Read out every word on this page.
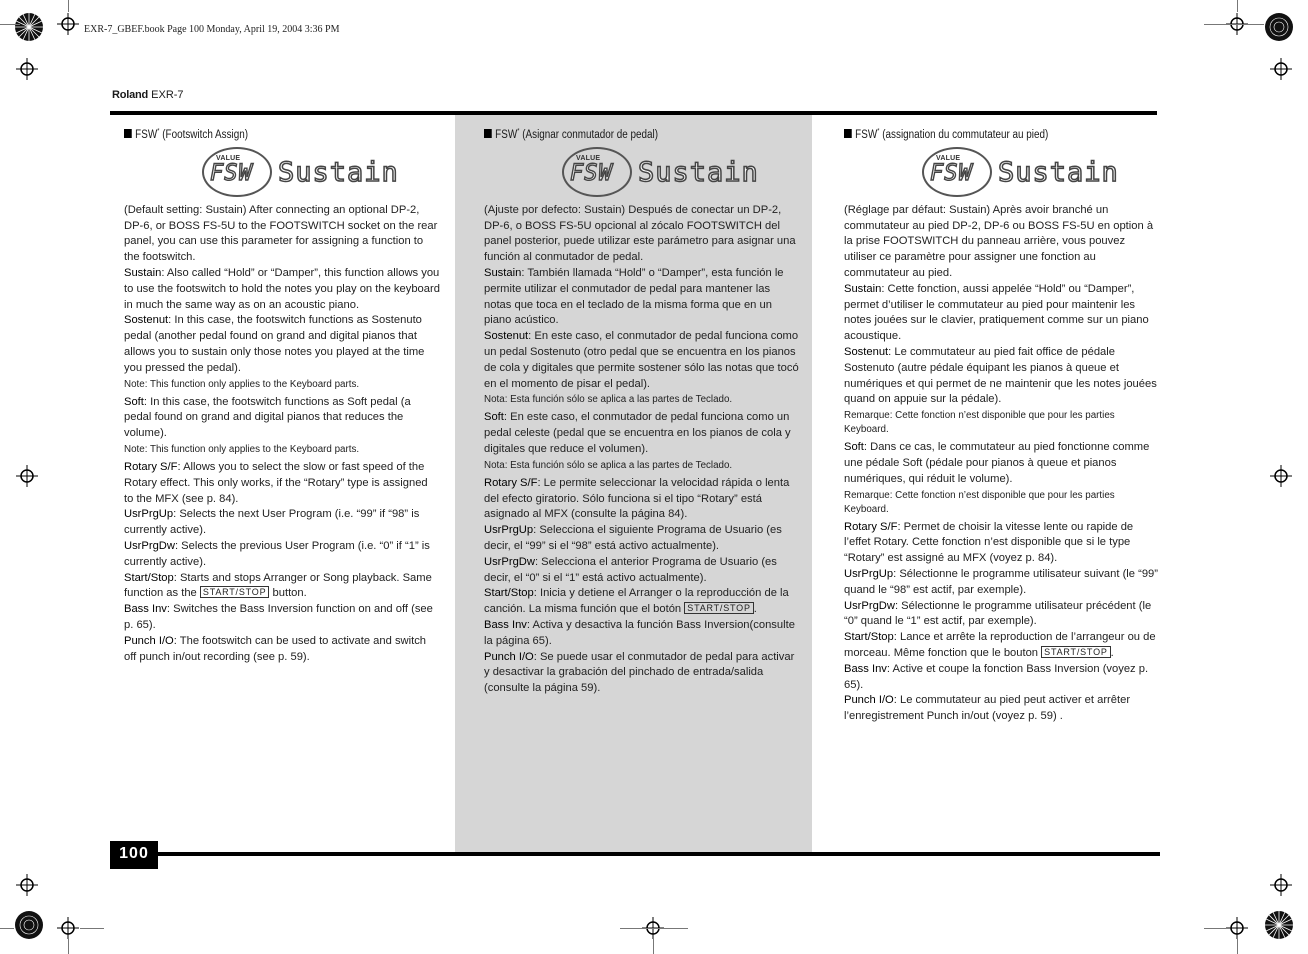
EXR-7_GBEF.book Page 100 Monday, April 19, 2004 3:36 PM
Roland EXR-7
FSW* (Footswitch Assign)
VALUE
FSW Sustain

(Default setting: Sustain) After connecting an optional DP-2, DP-6, or BOSS FS-5U to the FOOTSWITCH socket on the rear panel, you can use this parameter for assigning a function to the footswitch.

Sustain: Also called “Hold” or “Damper”, this function allows you to use the footswitch to hold the notes you play on the keyboard in much the same way as on an acoustic piano.

Sostenut: In this case, the footswitch functions as Sostenuto pedal (another pedal found on grand and digital pianos that allows you to sustain only those notes you played at the time you pressed the pedal).

Note: This function only applies to the Keyboard parts.

Soft: In this case, the footswitch functions as Soft pedal (a pedal found on grand and digital pianos that reduces the volume).

Note: This function only applies to the Keyboard parts.

Rotary S/F: Allows you to select the slow or fast speed of the Rotary effect. This only works, if the “Rotary” type is assigned to the MFX (see p. 84).

UsrPrgUp: Selects the next User Program (i.e. “99” if “98” is currently active).

UsrPrgDw: Selects the previous User Program (i.e. “0” if “1” is currently active).

Start/Stop: Starts and stops Arranger or Song playback. Same function as the START/STOP button.

Bass Inv: Switches the Bass Inversion function on and off (see p. 65).

Punch I/O: The footswitch can be used to activate and switch off punch in/out recording (see p. 59).

FSW* (Asignar conmutador de pedal)
VALUE
FSW Sustain

(Ajuste por defecto: Sustain) Después de conectar un DP-2, DP-6, o BOSS FS-5U opcional al zócalo FOOTSWITCH del panel posterior, puede utilizar este parámetro para asignar una función al conmutador de pedal.

Sustain: También llamada “Hold” o “Damper”, esta función le permite utilizar el conmutador de pedal para mantener las notas que toca en el teclado de la misma forma que en un piano acústico.

Sostenut: En este caso, el conmutador de pedal funciona como un pedal Sostenuto (otro pedal que se encuentra en los pianos de cola y digitales que permite sostener sólo las notas que tocó en el momento de pisar el pedal).

Nota: Esta función sólo se aplica a las partes de Teclado.

Soft: En este caso, el conmutador de pedal funciona como un pedal celeste (pedal que se encuentra en los pianos de cola y digitales que reduce el volumen).

Nota: Esta función sólo se aplica a las partes de Teclado.

Rotary S/F: Le permite seleccionar la velocidad rápida o lenta del efecto giratorio. Sólo funciona si el tipo “Rotary” está asignado al MFX (consulte la página 84).

UsrPrgUp: Selecciona el siguiente Programa de Usuario (es decir, el “99” si el “98” está activo actualmente).

UsrPrgDw: Selecciona el anterior Programa de Usuario (es decir, el “0” si el “1” está activo actualmente).

Start/Stop: Inicia y detiene el Arranger o la reproducción de la canción. La misma función que el botón START/STOP .

Bass Inv: Activa y desactiva la función Bass Inversion(consulte la página 65).

Punch I/O: Se puede usar el conmutador de pedal para activar y desactivar la grabación del pinchado de entrada/salida (consulte la página 59).

FSW* (assignation du commutateur au pied)
VALUE
FSW Sustain

(Réglage par défaut: Sustain) Après avoir branché un commutateur au pied DP-2, DP-6 ou BOSS FS-5U en option à la prise FOOTSWITCH du panneau arrière, vous pouvez utiliser ce paramètre pour assigner une fonction au commutateur au pied.

Sustain: Cette fonction, aussi appelée “Hold” ou “Damper”, permet d’utiliser le commutateur au pied pour maintenir les notes jouées sur le clavier, pratiquement comme sur un piano acoustique.

Sostenut: Le commutateur au pied fait office de pédale Sostenuto (autre pédale équipant les pianos à queue et numériques et qui permet de ne maintenir que les notes jouées quand on appuie sur la pédale).

Remarque: Cette fonction n’est disponible que pour les parties Keyboard.

Soft: Dans ce cas, le commutateur au pied fonctionne comme une pédale Soft (pédale pour pianos à queue et pianos numériques, qui réduit le volume).

Remarque: Cette fonction n’est disponible que pour les parties Keyboard.

Rotary S/F: Permet de choisir la vitesse lente ou rapide de l’effet Rotary. Cette fonction n’est disponible que si le type “Rotary” est assigné au MFX (voyez p. 84).

UsrPrgUp: Sélectionne le programme utilisateur suivant (le “99” quand le “98” est actif, par exemple).

UsrPrgDw: Sélectionne le programme utilisateur précédent (le “0” quand le “1” est actif, par exemple).

Start/Stop: Lance et arrête la reproduction de l’arrangeur ou de morceau. Même fonction que le bouton START/STOP .

Bass Inv: Active et coupe la fonction Bass Inversion (voyez p. 65).

Punch I/O: Le commutateur au pied peut activer et arrêter l’enregistrement Punch in/out (voyez p. 59) .

100
